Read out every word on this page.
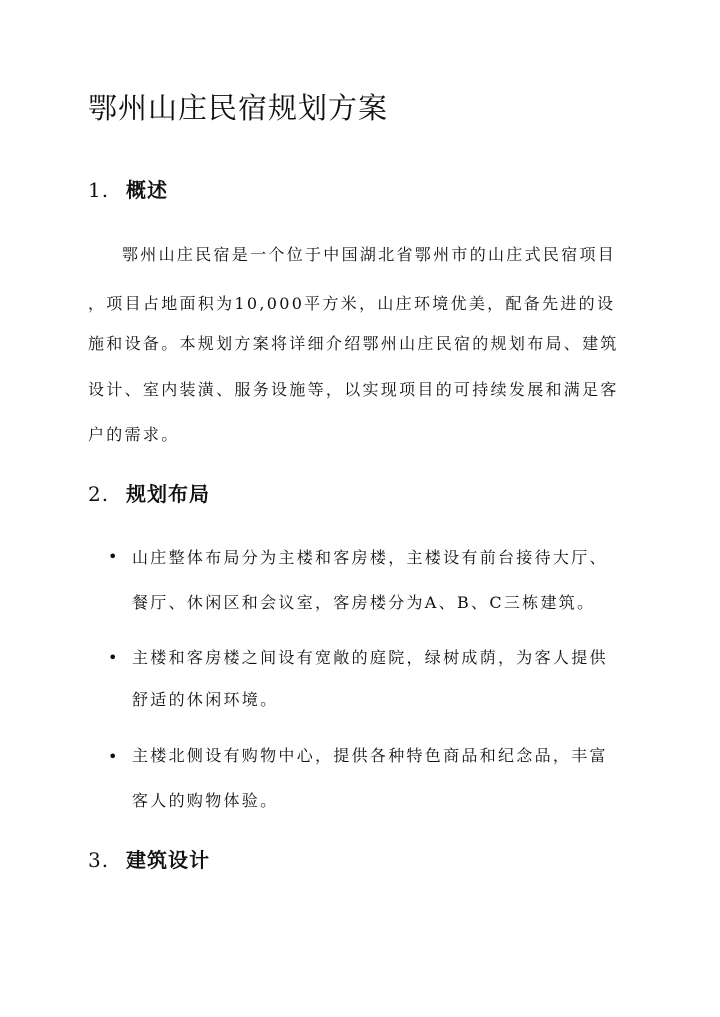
鄂州山庄民宿规划方案
1. 概述

鄂州山庄民宿是一个位于中国湖北省鄂州市的山庄式民宿项目

，项目占地面积为10,000平方米，山庄环境优美，配备先进的设

施和设备。本规划方案将详细介绍鄂州山庄民宿的规划布局、建筑

设计、室内装潢、服务设施等，以实现项目的可持续发展和满足客

户的需求。

2. 规划布局
• 山庄整体布局分为主楼和客房楼，主楼设有前台接待大厅、

餐厅、休闲区和会议室，客房楼分为A、B、C三栋建筑。

• 主楼和客房楼之间设有宽敞的庭院，绿树成荫，为客人提供

舒适的休闲环境。

• 主楼北侧设有购物中心，提供各种特色商品和纪念品，丰富

客人的购物体验。

3. 建筑设计
